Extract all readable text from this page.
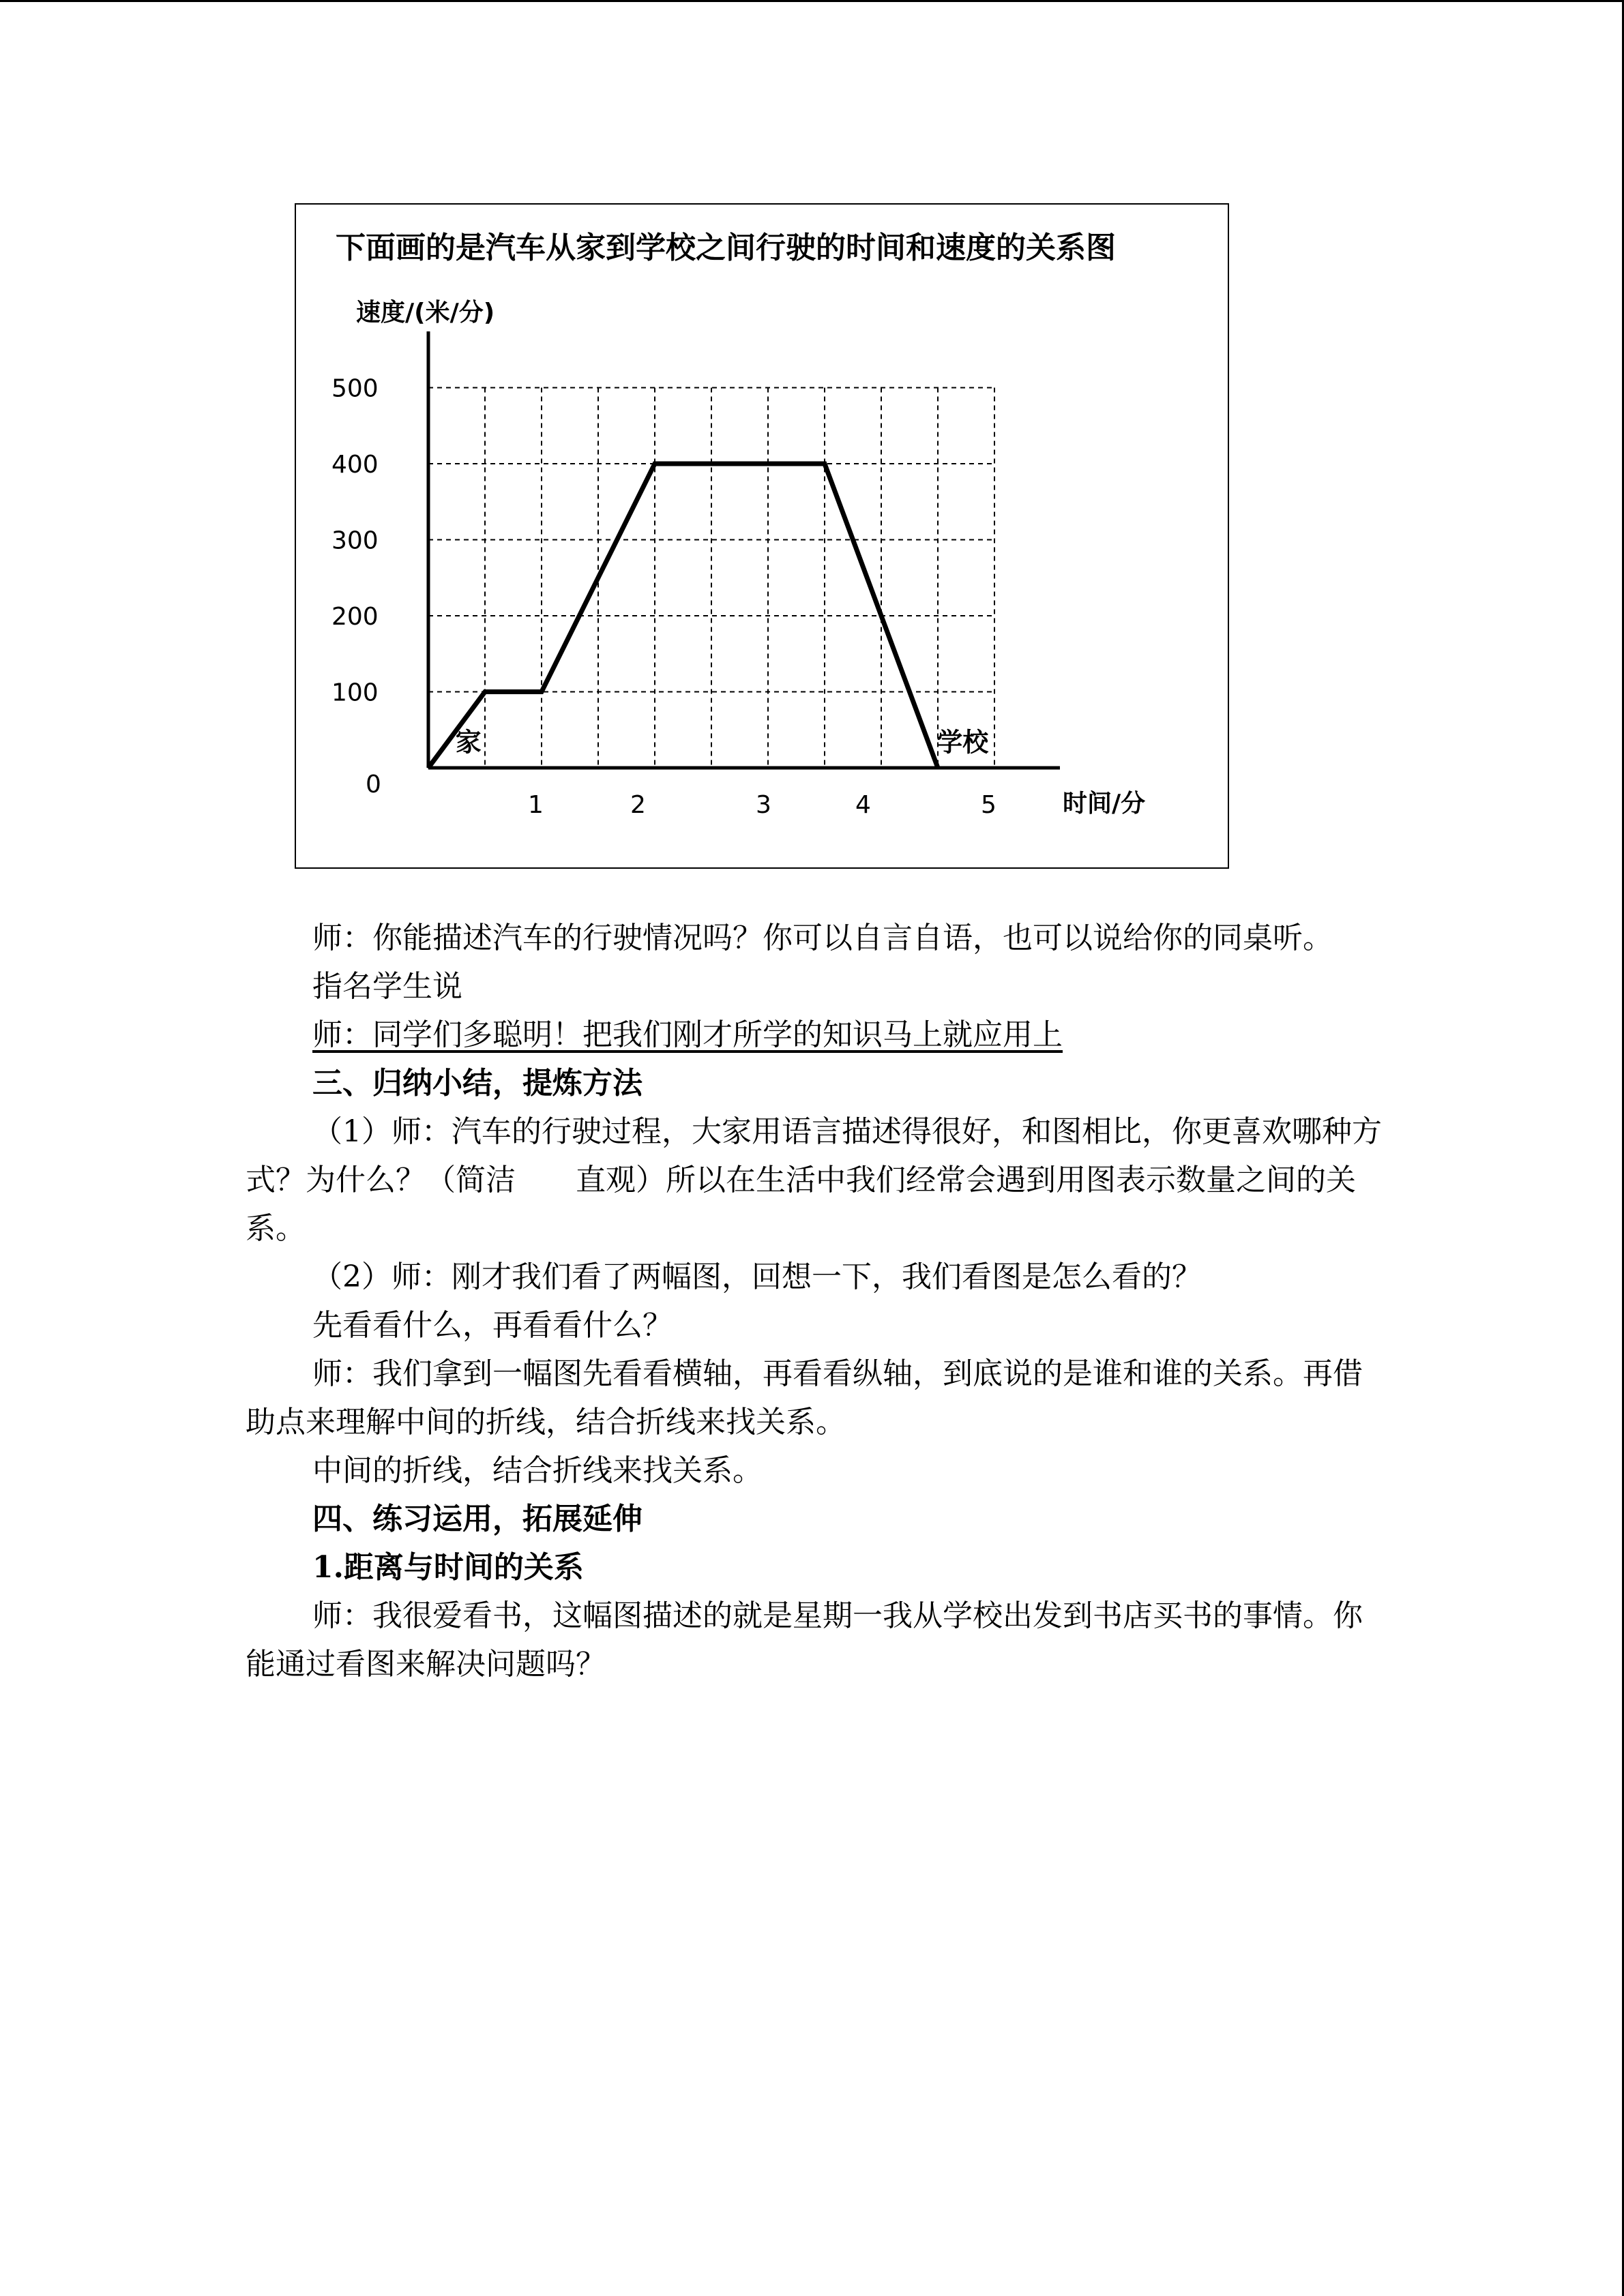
下面画的是汽车从家到学校之间行驶的时间和速度的关系图
速度/(米/分)
时间/分
0
100
200
300
400
500
1	2	3	4	5
家	学校

师：你能描述汽车的行驶情况吗？你可以自言自语，也可以说给你的同桌听。

指名学生说

师：同学们多聪明！把我们刚才所学的知识马上就应用上

三、归纳小结，提炼方法

（1）师：汽车的行驶过程，大家用语言描述得很好，和图相比，你更喜欢哪种方式？为什么？（简洁　　直观）所以在生活中我们经常会遇到用图表示数量之间的关系。

（2）师：刚才我们看了两幅图，回想一下，我们看图是怎么看的？

先看看什么，再看看什么？

师：我们拿到一幅图先看看横轴，再看看纵轴，到底说的是谁和谁的关系。再借助点来理解中间的折线，结合折线来找关系。

中间的折线，结合折线来找关系。

四、练习运用，拓展延伸

1.距离与时间的关系

师：我很爱看书，这幅图描述的就是星期一我从学校出发到书店买书的事情。你能通过看图来解决问题吗？
